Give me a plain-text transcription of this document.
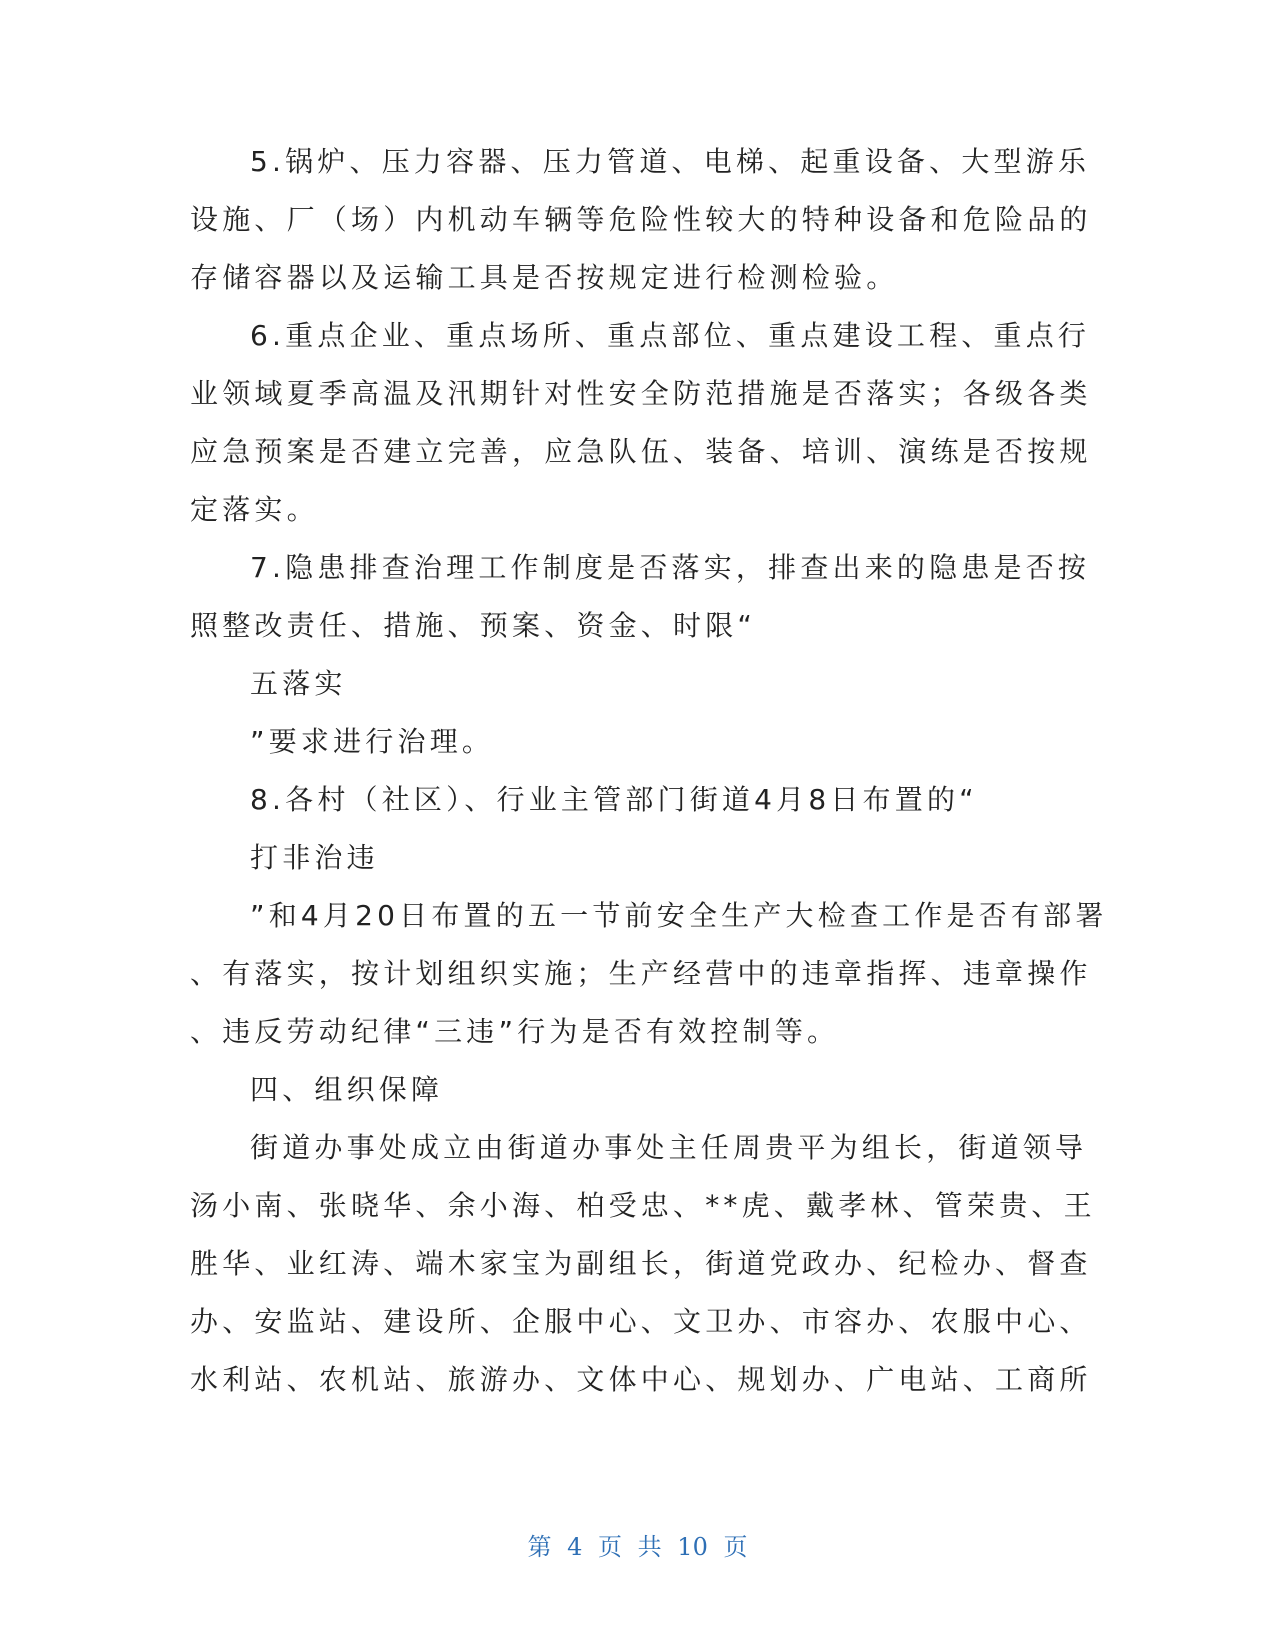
5.锅炉、压力容器、压力管道、电梯、起重设备、大型游乐
设施、厂（场）内机动车辆等危险性较大的特种设备和危险品的
存储容器以及运输工具是否按规定进行检测检验。
6.重点企业、重点场所、重点部位、重点建设工程、重点行
业领域夏季高温及汛期针对性安全防范措施是否落实；各级各类
应急预案是否建立完善，应急队伍、装备、培训、演练是否按规
定落实。
7.隐患排查治理工作制度是否落实，排查出来的隐患是否按
照整改责任、措施、预案、资金、时限“
五落实
”要求进行治理。
8.各村（社区）、行业主管部门街道4月8日布置的“
打非治违
”和4月20日布置的五一节前安全生产大检查工作是否有部署
、有落实，按计划组织实施；生产经营中的违章指挥、违章操作
、违反劳动纪律“三违”行为是否有效控制等。
四、组织保障
街道办事处成立由街道办事处主任周贵平为组长，街道领导
汤小南、张晓华、余小海、柏受忠、**虎、戴孝林、管荣贵、王
胜华、业红涛、端木家宝为副组长，街道党政办、纪检办、督查
办、安监站、建设所、企服中心、文卫办、市容办、农服中心、
水利站、农机站、旅游办、文体中心、规划办、广电站、工商所
第 4 页 共 10 页
